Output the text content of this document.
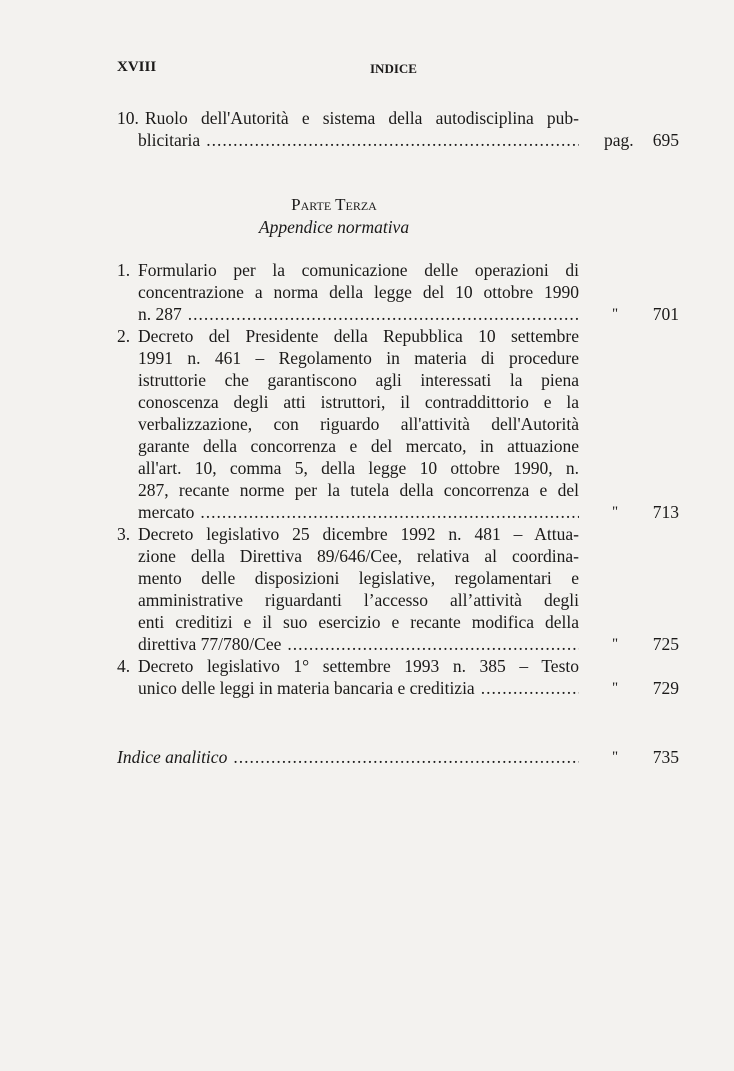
XVIII	INDICE
10. Ruolo dell'Autorità e sistema della autodisciplina pub-
blicitaria .....	pag. 695
Parte Terza
Appendice normativa
1. Formulario per la comunicazione delle operazioni di
concentrazione a norma della legge del 10 ottobre 1990
n. 287 .....	" 701
2. Decreto del Presidente della Repubblica 10 settembre
1991 n. 461 – Regolamento in materia di procedure
istruttorie che garantiscono agli interessati la piena
conoscenza degli atti istruttori, il contraddittorio e la
verbalizzazione, con riguardo all'attività dell'Autorità
garante della concorrenza e del mercato, in attuazione
all'art. 10, comma 5, della legge 10 ottobre 1990, n.
287, recante norme per la tutela della concorrenza e del
mercato .....	" 713
3. Decreto legislativo 25 dicembre 1992 n. 481 – Attua-
zione della Direttiva 89/646/Cee, relativa al coordina-
mento delle disposizioni legislative, regolamentari e
amministrative riguardanti l’accesso all’attività degli
enti creditizi e il suo esercizio e recante modifica della
direttiva 77/780/Cee .....	" 725
4. Decreto legislativo 1° settembre 1993 n. 385 – Testo
unico delle leggi in materia bancaria e creditizia .....	" 729
Indice analitico .....	" 735
